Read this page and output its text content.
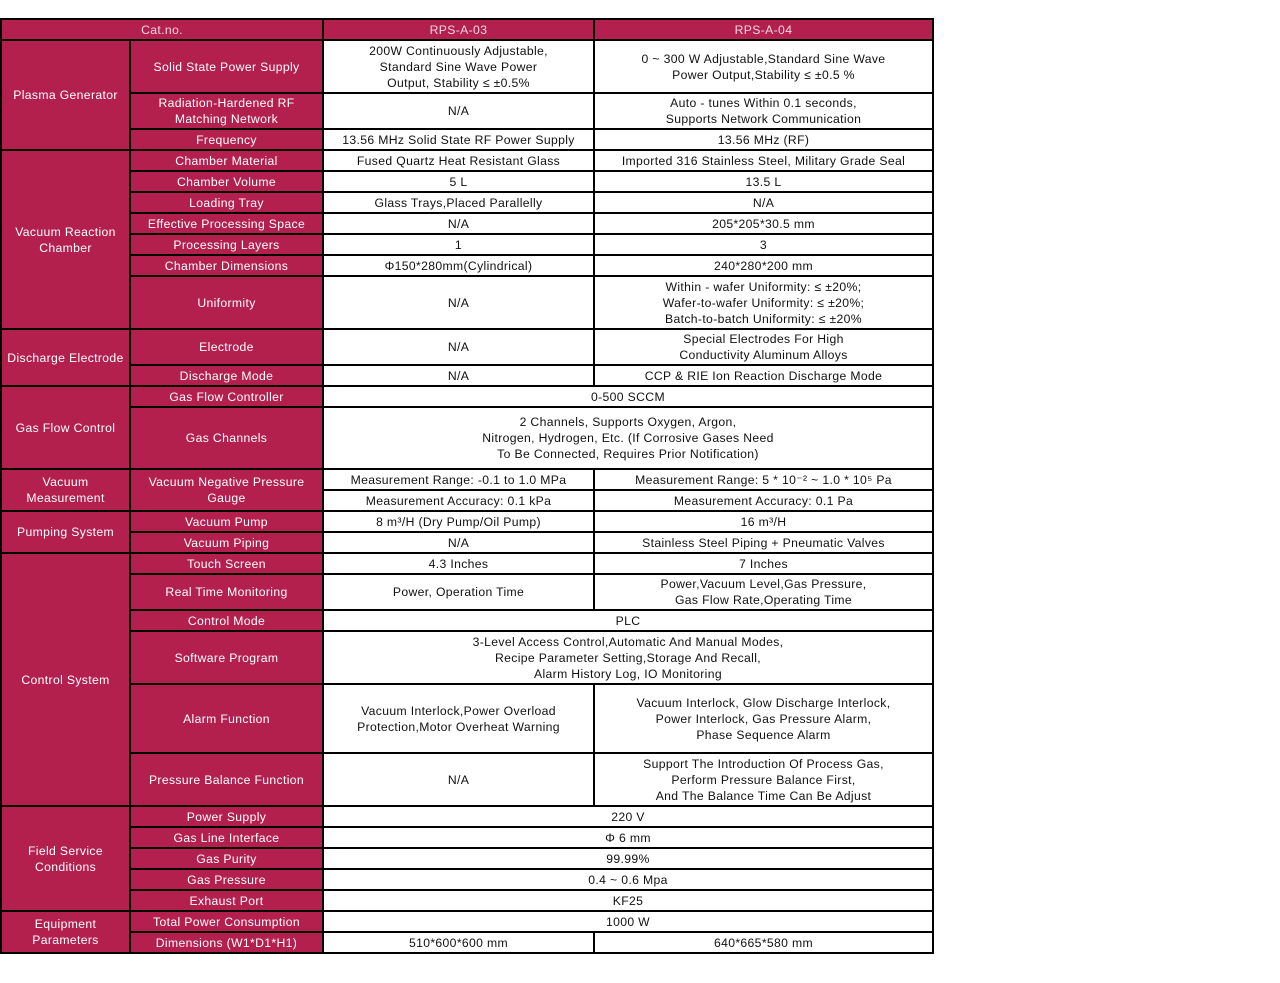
Cat.no.		RPS-A-03	RPS-A-04
Plasma Generator	Solid State Power Supply	200W Continuously Adjustable,
Standard Sine Wave Power
Output, Stability ≤ ±0.5%	0 ~ 300 W Adjustable,Standard Sine Wave
Power Output,Stability ≤ ±0.5 %
	Radiation-Hardened RF Matching Network	N/A	Auto - tunes Within 0.1 seconds,
Supports Network Communication
	Frequency	13.56 MHz Solid State RF Power Supply	13.56 MHz (RF)
Vacuum Reaction Chamber	Chamber Material	Fused Quartz Heat Resistant Glass	Imported 316 Stainless Steel, Military Grade Seal
	Chamber Volume	5 L	13.5 L
	Loading Tray	Glass Trays,Placed Parallelly	N/A
	Effective Processing Space	N/A	205*205*30.5 mm
	Processing Layers	1	3
	Chamber Dimensions	Φ150*280mm(Cylindrical)	240*280*200 mm
	Uniformity	N/A	Within - wafer Uniformity: ≤ ±20%;
Wafer-to-wafer Uniformity: ≤ ±20%;
Batch-to-batch Uniformity: ≤ ±20%
Discharge Electrode	Electrode	N/A	Special Electrodes For High
Conductivity Aluminum Alloys
	Discharge Mode	N/A	CCP & RIE Ion Reaction Discharge Mode
Gas Flow Control	Gas Flow Controller	0-500 SCCM	
	Gas Channels	2 Channels, Supports Oxygen, Argon,
Nitrogen, Hydrogen, Etc. (If Corrosive Gases Need
To Be Connected, Requires Prior Notification)	
Vacuum Measurement	Vacuum Negative Pressure Gauge	Measurement Range: -0.1 to 1.0 MPa	Measurement Range: 5 * 10⁻² ~ 1.0 * 10⁵ Pa
		Measurement Accuracy: 0.1 kPa	Measurement Accuracy: 0.1 Pa
Pumping System	Vacuum Pump	8 m³/H (Dry Pump/Oil Pump)	16 m³/H
	Vacuum Piping	N/A	Stainless Steel Piping + Pneumatic Valves
Control System	Touch Screen	4.3 Inches	7 Inches
	Real Time Monitoring	Power, Operation Time	Power,Vacuum Level,Gas Pressure,
Gas Flow Rate,Operating Time
	Control Mode	PLC	
	Software Program	3-Level Access Control,Automatic And Manual Modes,
Recipe Parameter Setting,Storage And Recall,
Alarm History Log, IO Monitoring	
	Alarm Function	Vacuum Interlock,Power Overload
Protection,Motor Overheat Warning	Vacuum Interlock, Glow Discharge Interlock,
Power Interlock, Gas Pressure Alarm,
Phase Sequence Alarm
	Pressure Balance Function	N/A	Support The Introduction Of Process Gas,
Perform Pressure Balance First,
And The Balance Time Can Be Adjust
Field Service Conditions	Power Supply	220 V	
	Gas Line Interface	Φ 6 mm	
	Gas Purity	99.99%	
	Gas Pressure	0.4 ~ 0.6 Mpa	
	Exhaust Port	KF25	
Equipment Parameters	Total Power Consumption	1000 W	
	Dimensions (W1*D1*H1)	510*600*600 mm	640*665*580 mm
